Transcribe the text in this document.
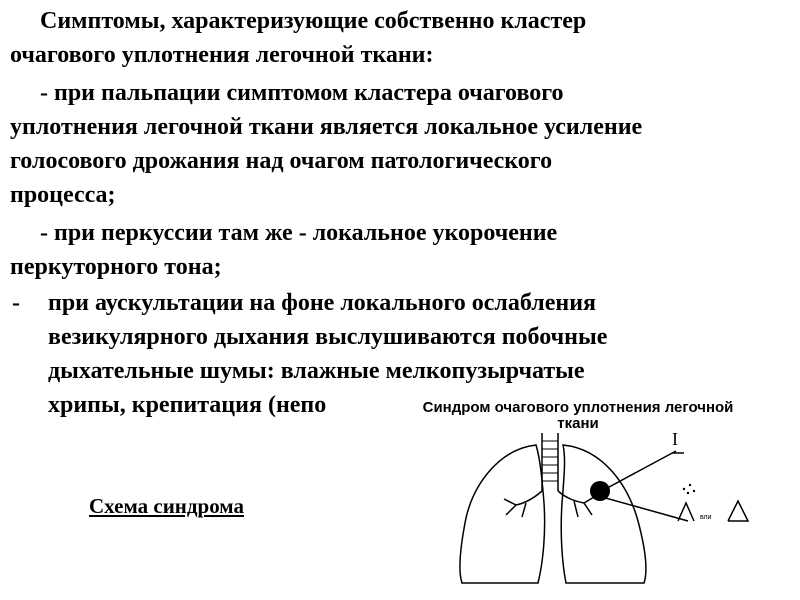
Симптомы, характеризующие собственно кластер
очагового уплотнения легочной ткани:
- при пальпации симптомом кластера очагового
уплотнения легочной ткани является локальное усиление
голосового дрожания над очагом патологического
процесса;
- при перкуссии там же - локальное укорочение
перкуторного тона;
- при аускультации на фоне локального ослабления
везикулярного дыхания выслушиваются побочные
дыхательные шумы: влажные мелкопузырчатые
хрипы, крепитация (непо	Синдром очагового уплотнения легочной
ткани
I
вли
Схема синдрома
